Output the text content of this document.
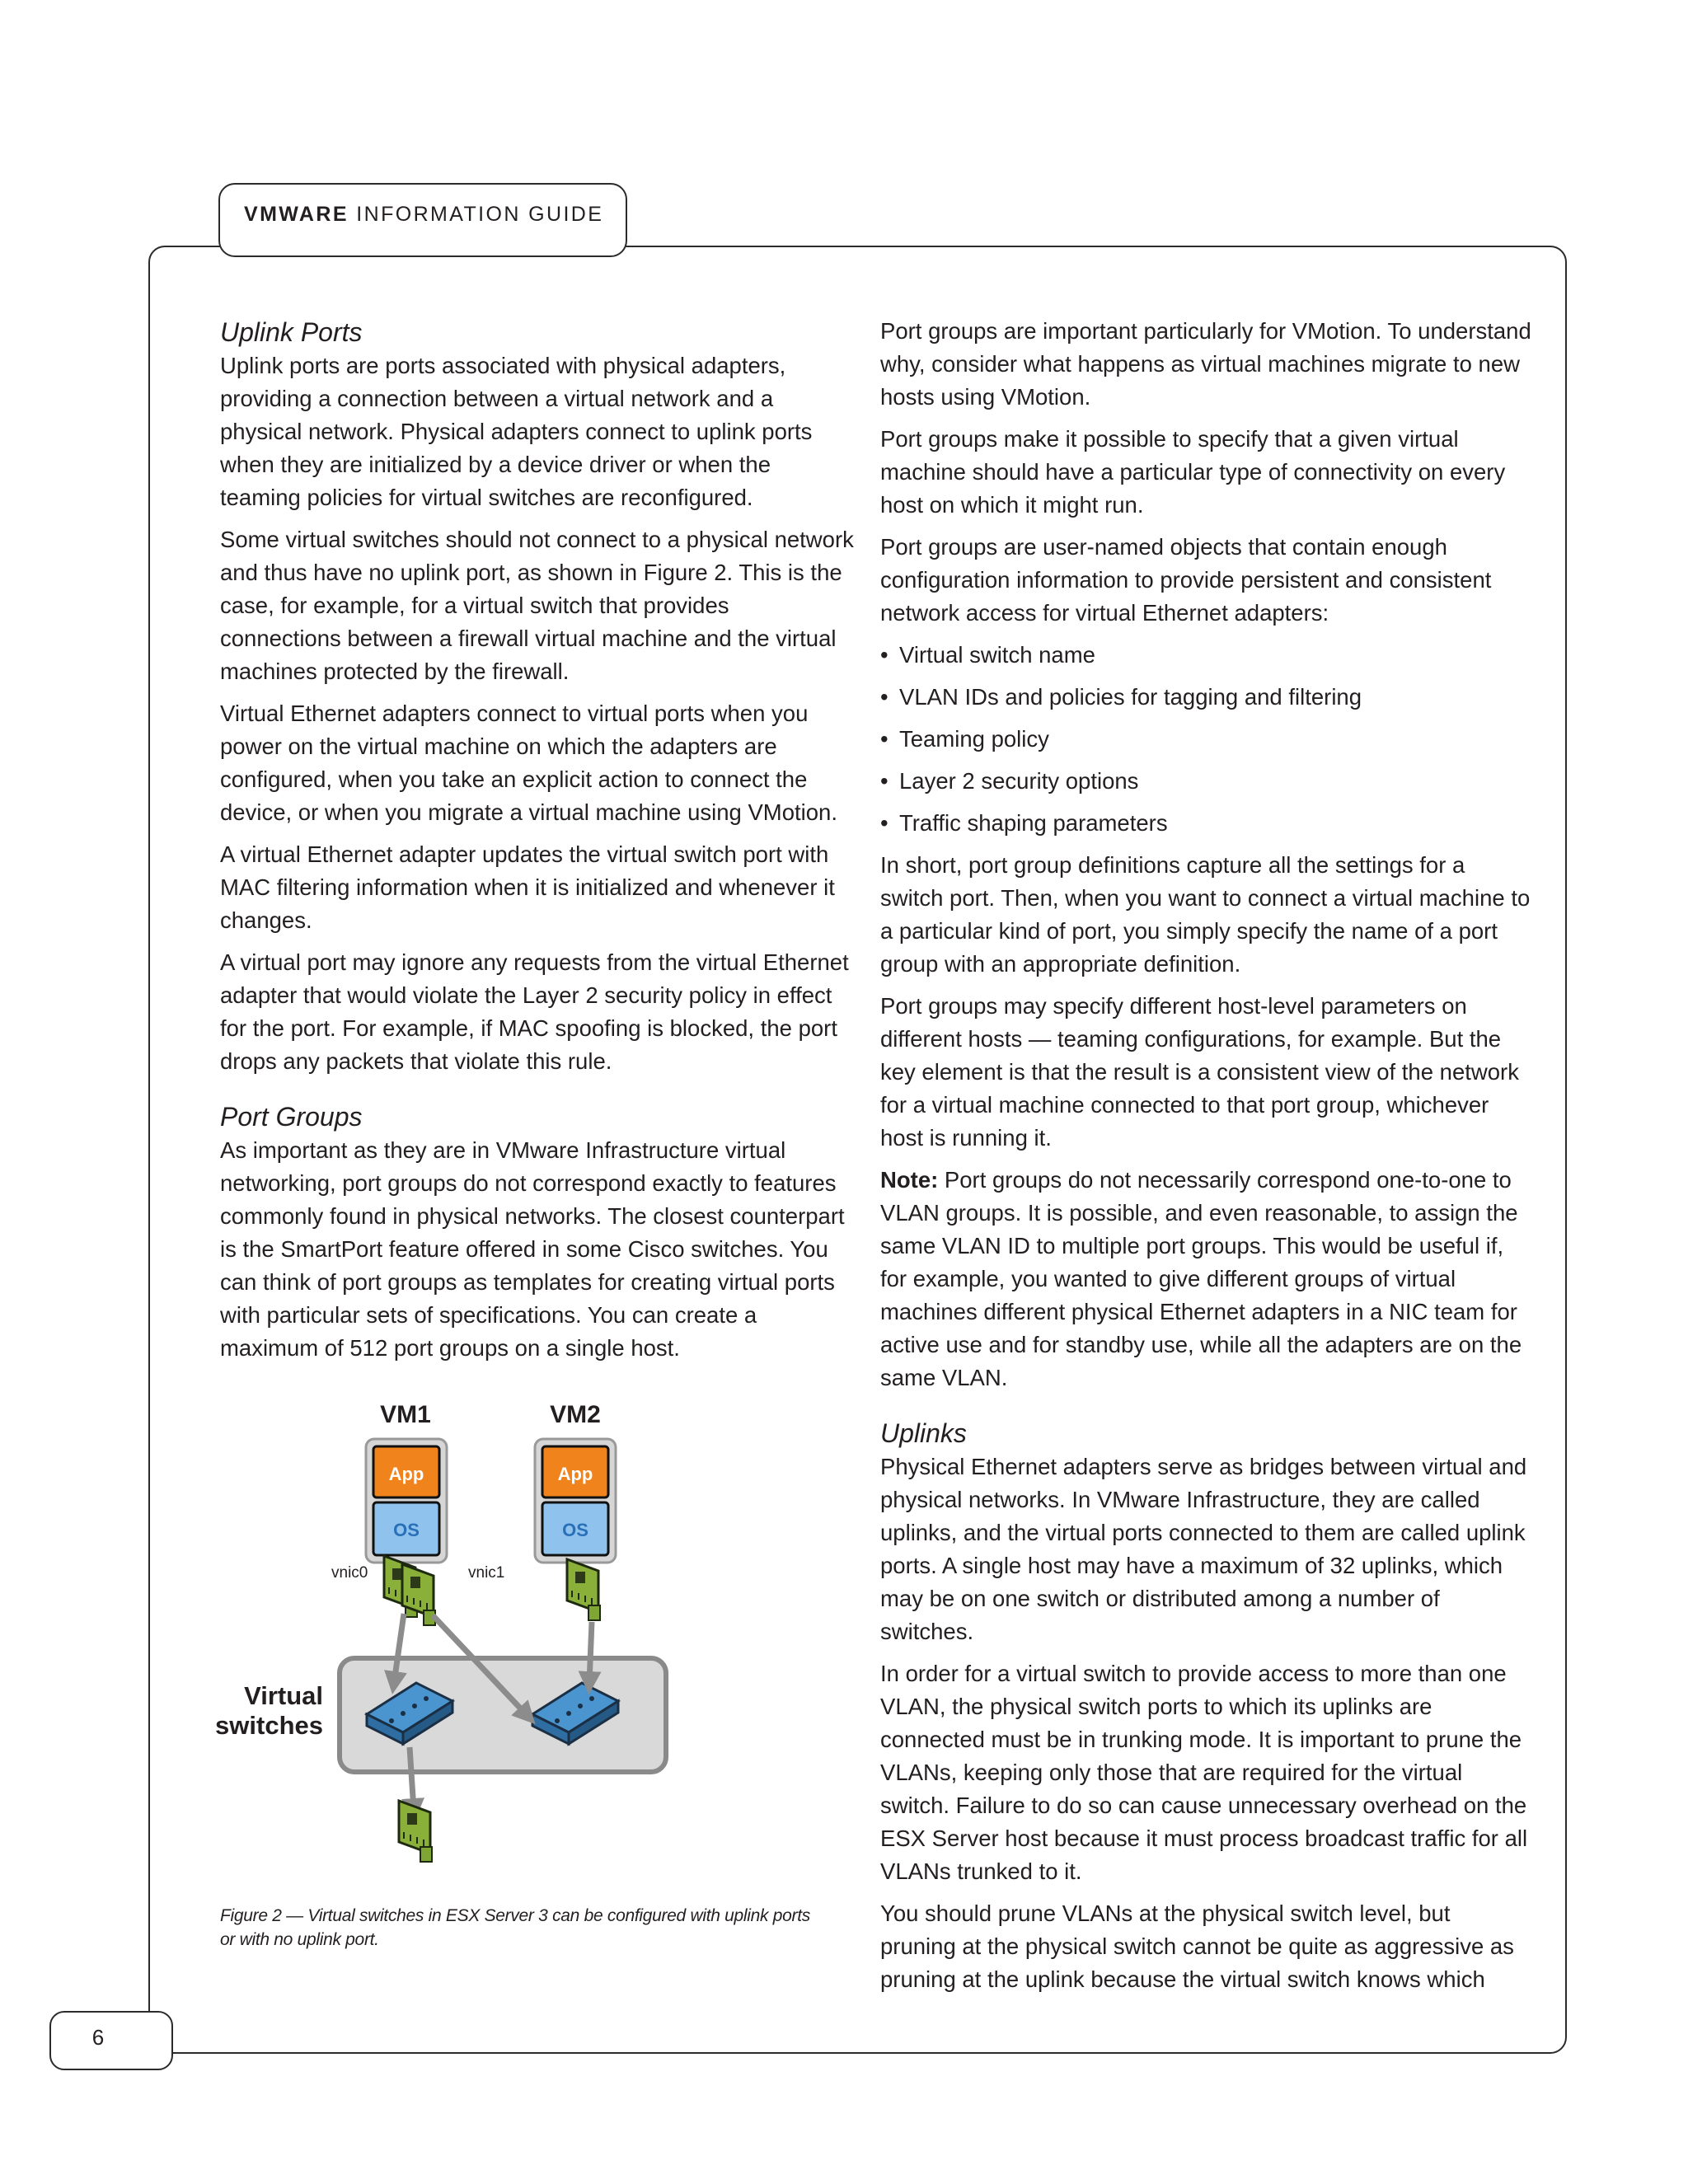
VMWARE INFORMATION GUIDE
Uplink Ports

Uplink ports are ports associated with physical adapters, providing a connection between a virtual network and a physical network. Physical adapters connect to uplink ports when they are initialized by a device driver or when the teaming policies for virtual switches are reconfigured.

Some virtual switches should not connect to a physical network and thus have no uplink port, as shown in Figure 2. This is the case, for example, for a virtual switch that provides connections between a firewall virtual machine and the virtual machines protected by the firewall.

Virtual Ethernet adapters connect to virtual ports when you power on the virtual machine on which the adapters are configured, when you take an explicit action to connect the device, or when you migrate a virtual machine using VMotion.

A virtual Ethernet adapter updates the virtual switch port with MAC filtering information when it is initialized and whenever it changes.

A virtual port may ignore any requests from the virtual Ethernet adapter that would violate the Layer 2 security policy in effect for the port. For example, if MAC spoofing is blocked, the port drops any packets that violate this rule.

Port Groups

As important as they are in VMware Infrastructure virtual networking, port groups do not correspond exactly to features commonly found in physical networks. The closest counterpart is the SmartPort feature offered in some Cisco switches. You can think of port groups as templates for creating virtual ports with particular sets of specifications. You can create a maximum of 512 port groups on a single host.

VM1	VM2
App
OS
App
OS
vnic0	vnic1
Virtual
switches
Figure 2 — Virtual switches in ESX Server 3 can be configured with uplink ports
or with no uplink port.

Port groups are important particularly for VMotion. To understand why, consider what happens as virtual machines migrate to new hosts using VMotion.

Port groups make it possible to specify that a given virtual machine should have a particular type of connectivity on every host on which it might run.

Port groups are user-named objects that contain enough configuration information to provide persistent and consistent network access for virtual Ethernet adapters:

• Virtual switch name
• VLAN IDs and policies for tagging and filtering
• Teaming policy
• Layer 2 security options
• Traffic shaping parameters

In short, port group definitions capture all the settings for a switch port. Then, when you want to connect a virtual machine to a particular kind of port, you simply specify the name of a port group with an appropriate definition.

Port groups may specify different host-level parameters on different hosts — teaming configurations, for example. But the key element is that the result is a consistent view of the network for a virtual machine connected to that port group, whichever host is running it.

Note: Port groups do not necessarily correspond one-to-one to VLAN groups. It is possible, and even reasonable, to assign the same VLAN ID to multiple port groups. This would be useful if, for example, you wanted to give different groups of virtual machines different physical Ethernet adapters in a NIC team for active use and for standby use, while all the adapters are on the same VLAN.

Uplinks

Physical Ethernet adapters serve as bridges between virtual and physical networks. In VMware Infrastructure, they are called uplinks, and the virtual ports connected to them are called uplink ports. A single host may have a maximum of 32 uplinks, which may be on one switch or distributed among a number of switches.

In order for a virtual switch to provide access to more than one VLAN, the physical switch ports to which its uplinks are connected must be in trunking mode. It is important to prune the VLANs, keeping only those that are required for the virtual switch. Failure to do so can cause unnecessary overhead on the ESX Server host because it must process broadcast traffic for all VLANs trunked to it.

You should prune VLANs at the physical switch level, but pruning at the physical switch cannot be quite as aggressive as pruning at the uplink because the virtual switch knows which

6
